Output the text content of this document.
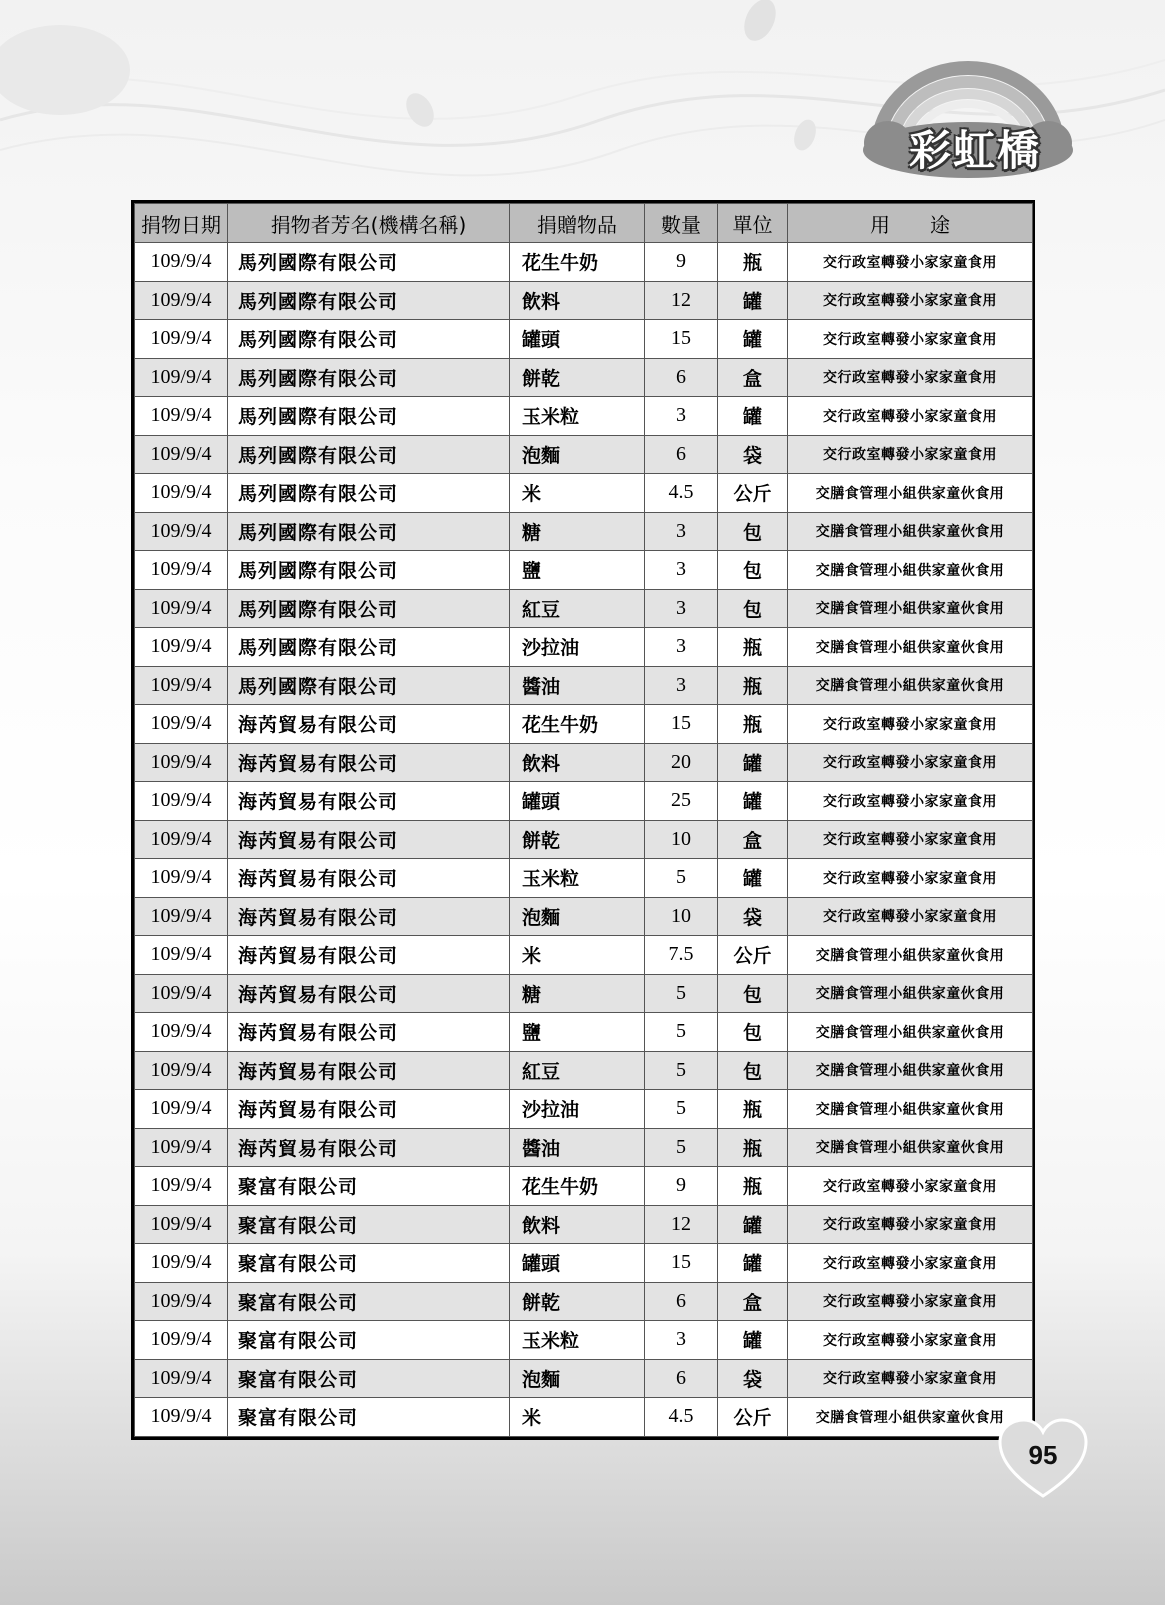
彩虹橋
捐物日期	捐物者芳名(機構名稱)	捐贈物品	數量	單位	用　　途
109/9/4	馬列國際有限公司	花生牛奶	9	瓶	交行政室轉發小家家童食用
109/9/4	馬列國際有限公司	飲料	12	罐	交行政室轉發小家家童食用
109/9/4	馬列國際有限公司	罐頭	15	罐	交行政室轉發小家家童食用
109/9/4	馬列國際有限公司	餅乾	6	盒	交行政室轉發小家家童食用
109/9/4	馬列國際有限公司	玉米粒	3	罐	交行政室轉發小家家童食用
109/9/4	馬列國際有限公司	泡麵	6	袋	交行政室轉發小家家童食用
109/9/4	馬列國際有限公司	米	4.5	公斤	交膳食管理小組供家童伙食用
109/9/4	馬列國際有限公司	糖	3	包	交膳食管理小組供家童伙食用
109/9/4	馬列國際有限公司	鹽	3	包	交膳食管理小組供家童伙食用
109/9/4	馬列國際有限公司	紅豆	3	包	交膳食管理小組供家童伙食用
109/9/4	馬列國際有限公司	沙拉油	3	瓶	交膳食管理小組供家童伙食用
109/9/4	馬列國際有限公司	醬油	3	瓶	交膳食管理小組供家童伙食用
109/9/4	海芮貿易有限公司	花生牛奶	15	瓶	交行政室轉發小家家童食用
109/9/4	海芮貿易有限公司	飲料	20	罐	交行政室轉發小家家童食用
109/9/4	海芮貿易有限公司	罐頭	25	罐	交行政室轉發小家家童食用
109/9/4	海芮貿易有限公司	餅乾	10	盒	交行政室轉發小家家童食用
109/9/4	海芮貿易有限公司	玉米粒	5	罐	交行政室轉發小家家童食用
109/9/4	海芮貿易有限公司	泡麵	10	袋	交行政室轉發小家家童食用
109/9/4	海芮貿易有限公司	米	7.5	公斤	交膳食管理小組供家童伙食用
109/9/4	海芮貿易有限公司	糖	5	包	交膳食管理小組供家童伙食用
109/9/4	海芮貿易有限公司	鹽	5	包	交膳食管理小組供家童伙食用
109/9/4	海芮貿易有限公司	紅豆	5	包	交膳食管理小組供家童伙食用
109/9/4	海芮貿易有限公司	沙拉油	5	瓶	交膳食管理小組供家童伙食用
109/9/4	海芮貿易有限公司	醬油	5	瓶	交膳食管理小組供家童伙食用
109/9/4	聚富有限公司	花生牛奶	9	瓶	交行政室轉發小家家童食用
109/9/4	聚富有限公司	飲料	12	罐	交行政室轉發小家家童食用
109/9/4	聚富有限公司	罐頭	15	罐	交行政室轉發小家家童食用
109/9/4	聚富有限公司	餅乾	6	盒	交行政室轉發小家家童食用
109/9/4	聚富有限公司	玉米粒	3	罐	交行政室轉發小家家童食用
109/9/4	聚富有限公司	泡麵	6	袋	交行政室轉發小家家童食用
109/9/4	聚富有限公司	米	4.5	公斤	交膳食管理小組供家童伙食用
95
